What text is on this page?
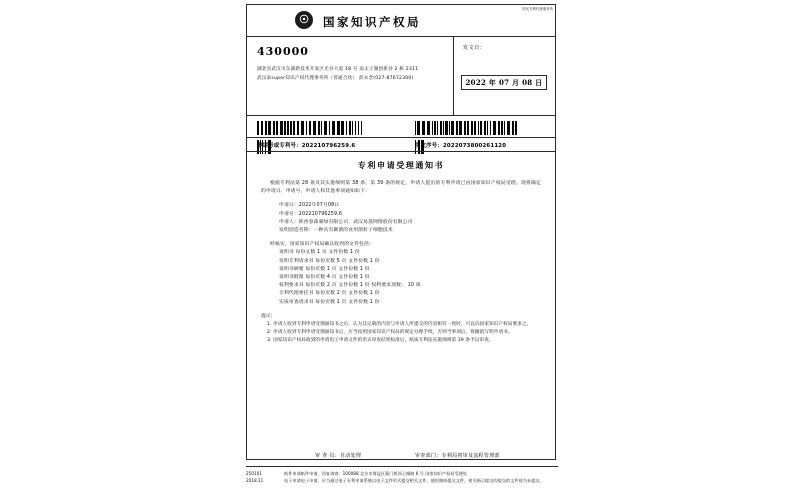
阳光专利代理事务所
☉	国家知识产权局
430000
湖北省武汉市东湖新技术开发区光谷大道 18 号 南太子湖创新谷 2 栋 2311
武汉泰super知识产权代理事务所（普通合伙） 彭永念(027-87672300)
发文日：
2022 年 07 月 08 日
申请号或专利号：202210796259.6	发文序号：2022073800261120
专利申请受理通知书
根据专利法第 28 条及其实施细则第 38 条、第 39 条的规定，申请人提出的专利申请已由国家知识产权局受理。现将确定的申请日、申请号、申请人和其他事项通知如下：
申请日：2022年07月08日
申请号：202210796259.6
申请人：陕西春森蒙绿有限公司、武汉易荔网络股份有限公司
发明创造名称：一种具有御菌的食用菌粒子细胞技术
经核实，国家知识产权局确认收到的文件包括：
说明书 每份文数 1 页 文件份数 1 份
发明专利请求书 每份页数 5 页 文件份数 1 份
说明书摘要 每份页数 1 页 文件份数 1 份
说明书附图 每份页数 4 页 文件份数 1 份
权利要求书 每份页数 2 页 文件份数 1 份 权利要求项数： 10 项
专利代理委托书 每份页数 2 页 文件份数 1 份
实质审查请求书 每份页数 1 页 文件份数 1 份
提示：
1. 申请人收到专利申请受理通知书之后，认为其记载的内容与申请人所提交的内容相符一致时，可以向国家知识产权局要求之。
2. 申请人收到专利申请受理通知书后，应当按照国家知识产权局的规定办理手续，否则当事项后，将撤销写明申请书。
3. 国家知识产权局收到的申请电子申请文件的形式审查结果标准后，纸质专利法实施细则第 39 条予以审查。
审 查 员：自动处理	审查部门：专利局初审及流程管理部
250101	纸件申请纸件申请，回复请寄：100088 北京市海淀区蓟门桥西土城路 6 号 国家知识产权局受理处
2018.11	电子申请电子申请，应当通过电子专利申请系统以电子文件形式提交相关文件。使用典纸提交文件，相关指示提交的提交的文件视为未提交。
